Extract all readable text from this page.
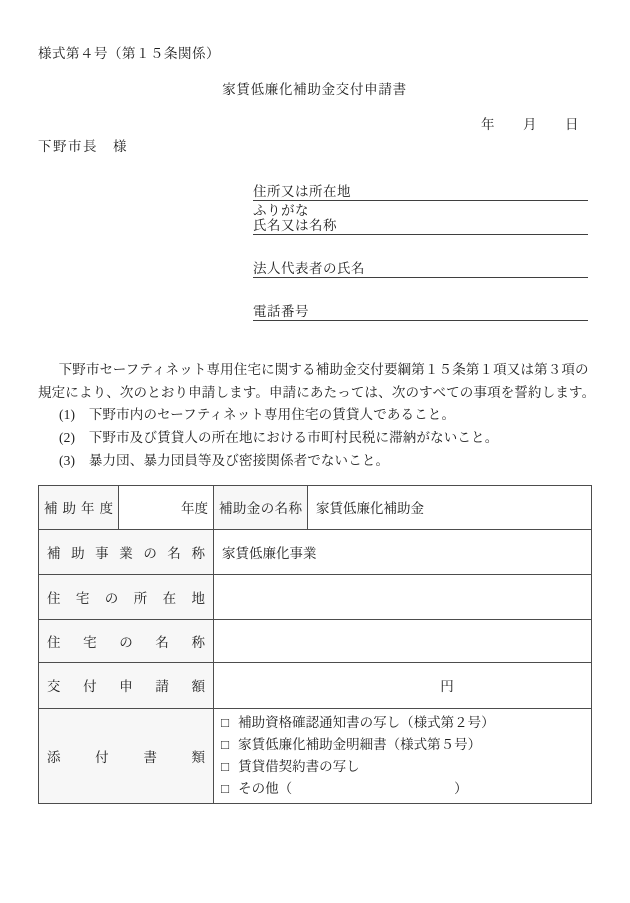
様式第４号（第１５条関係）
家賃低廉化補助金交付申請書
年　　月　　日
下野市長　様
住所又は所在地
ふりがな
氏名又は名称
法人代表者の氏名
電話番号
　下野市セーフティネット専用住宅に関する補助金交付要綱第１５条第１項又は第３項の
規定により、次のとおり申請します。申請にあたっては、次のすべての事項を誓約します。
(1)　下野市内のセーフティネット専用住宅の賃貸人であること。
(2)　下野市及び賃貸人の所在地における市町村民税に滞納がないこと。
(3)　暴力団、暴力団員等及び密接関係者でないこと。
補助年度	年度	補助金の名称	家賃低廉化補助金
補助事業の名称		家賃低廉化事業	
住宅の所在地			
住宅の名称			
交付申請額		円	
添付書類		□ 補助資格確認通知書の写し（様式第２号）
□ 家賃低廉化補助金明細書（様式第５号）
□ 賃貸借契約書の写し
□ その他（　　　　　　　　　　　　）	
